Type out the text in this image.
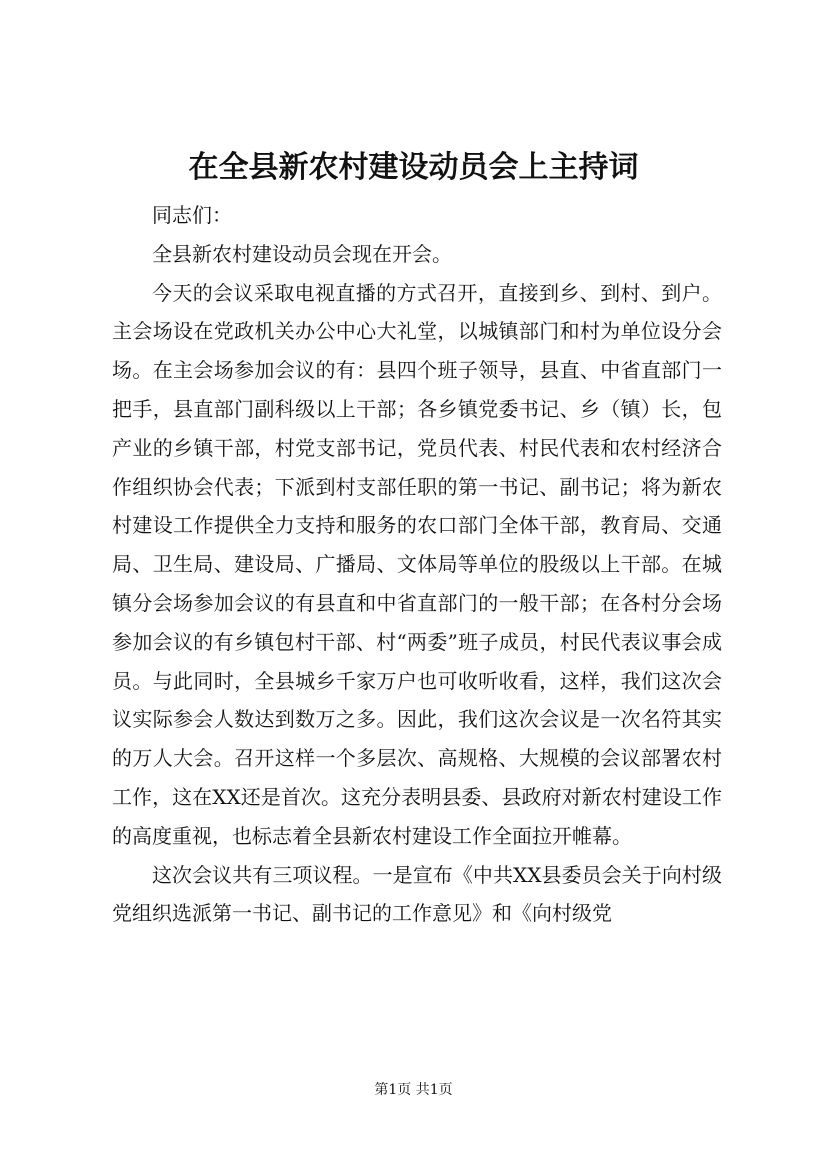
在全县新农村建设动员会上主持词

同志们：

全县新农村建设动员会现在开会。

今天的会议采取电视直播的方式召开，直接到乡、到村、到户。主会场设在党政机关办公中心大礼堂，以城镇部门和村为单位设分会场。在主会场参加会议的有：县四个班子领导，县直、中省直部门一把手，县直部门副科级以上干部；各乡镇党委书记、乡（镇）长，包产业的乡镇干部，村党支部书记，党员代表、村民代表和农村经济合作组织协会代表；下派到村支部任职的第一书记、副书记；将为新农村建设工作提供全力支持和服务的农口部门全体干部，教育局、交通局、卫生局、建设局、广播局、文体局等单位的股级以上干部。在城镇分会场参加会议的有县直和中省直部门的一般干部；在各村分会场参加会议的有乡镇包村干部、村“两委”班子成员，村民代表议事会成员。与此同时，全县城乡千家万户也可收听收看，这样，我们这次会议实际参会人数达到数万之多。因此，我们这次会议是一次名符其实的万人大会。召开这样一个多层次、高规格、大规模的会议部署农村工作，这在XX还是首次。这充分表明县委、县政府对新农村建设工作的高度重视，也标志着全县新农村建设工作全面拉开帷幕。

这次会议共有三项议程。一是宣布《中共XX县委员会关于向村级党组织选派第一书记、副书记的工作意见》和《向村级党

第1页 共1页
